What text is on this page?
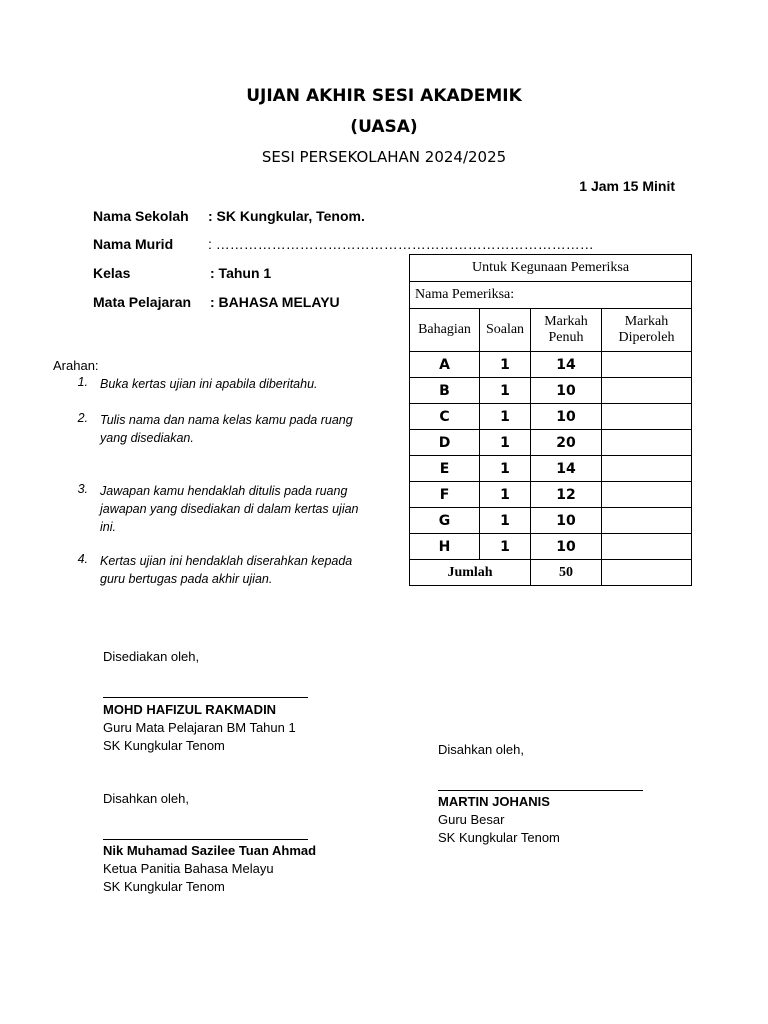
UJIAN AKHIR SESI AKADEMIK
(UASA)
SESI PERSEKOLAHAN 2024/2025
1 Jam 15 Minit
Nama Sekolah : SK Kungkular, Tenom.
Nama Murid : ………………………………………………………………………
Kelas	: Tahun 1
Mata Pelajaran : BAHASA MELAYU
Arahan:
1. Buka kertas ujian ini apabila diberitahu.
2. Tulis nama dan nama kelas kamu pada ruang yang disediakan.
3. Jawapan kamu hendaklah ditulis pada ruang jawapan yang disediakan di dalam kertas ujian ini.
4. Kertas ujian ini hendaklah diserahkan kepada guru bertugas pada akhir ujian.
Untuk Kegunaan Pemeriksa			
Nama Pemeriksa:			
Bahagian	Soalan	Markah Penuh	Markah Diperoleh
A	1	14	
B	1	10	
C	1	10	
D	1	20	
E	1	14	
F	1	12	
G	1	10	
H	1	10	
Jumlah		50	
Disediakan oleh,
MOHD HAFIZUL RAKMADIN
Guru Mata Pelajaran BM Tahun 1
SK Kungkular Tenom
Disahkan oleh,
Nik Muhamad Sazilee Tuan Ahmad
Ketua Panitia Bahasa Melayu
SK Kungkular Tenom
Disahkan oleh,
MARTIN JOHANIS
Guru Besar
SK Kungkular Tenom
